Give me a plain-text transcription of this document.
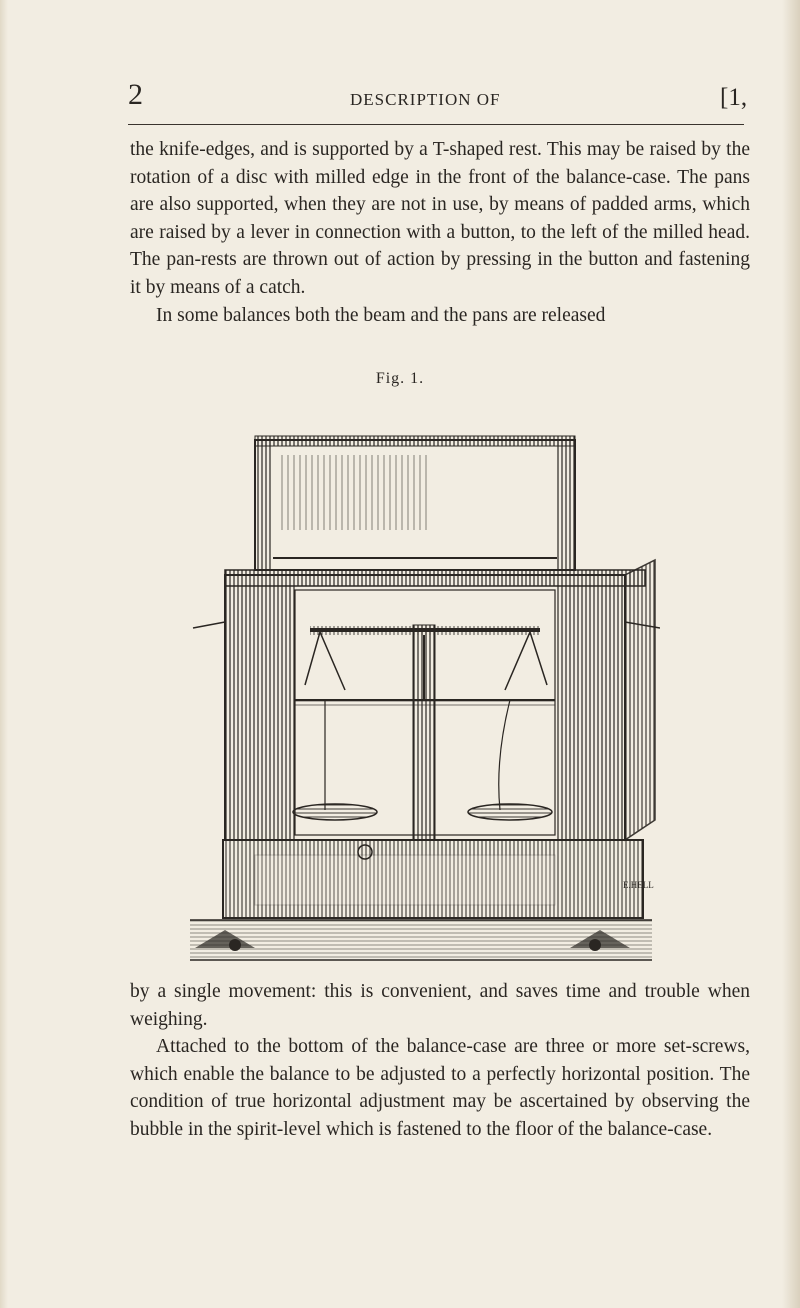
2	DESCRIPTION OF	[1,

the knife-edges, and is supported by a T-shaped rest. This may be raised by the rotation of a disc with milled edge in the front of the balance-case. The pans are also supported, when they are not in use, by means of padded arms, which are raised by a lever in connection with a button, to the left of the milled head. The pan-rests are thrown out of action by pressing in the button and fastening it by means of a catch.

In some balances both the beam and the pans are released

Fig. 1.
E.HELL

by a single movement: this is convenient, and saves time and trouble when weighing.

Attached to the bottom of the balance-case are three or more set-screws, which enable the balance to be adjusted to a perfectly horizontal position. The condition of true horizontal adjustment may be ascertained by observing the bubble in the spirit-level which is fastened to the floor of the balance-case.
